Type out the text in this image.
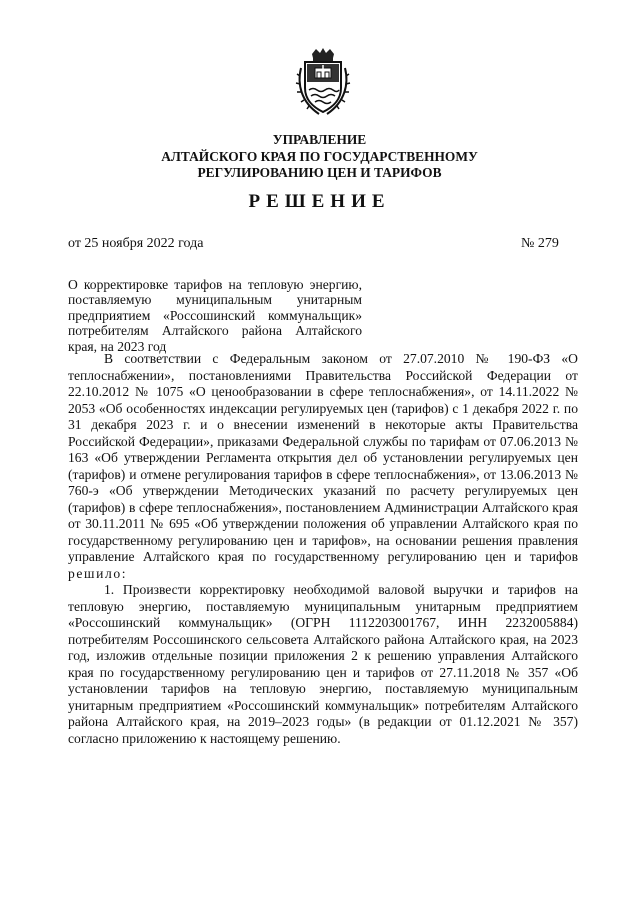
УПРАВЛЕНИЕ
АЛТАЙСКОГО КРАЯ ПО ГОСУДАРСТВЕННОМУ
РЕГУЛИРОВАНИЮ ЦЕН И ТАРИФОВ
РЕШЕНИЕ
от 25 ноября 2022 года	№ 279
О корректировке тарифов на тепловую энергию, поставляемую муниципальным унитарным предприятием «Россошинский коммунальщик» потребителям Алтайского района Алтайского края, на 2023 год

В соответствии с Федеральным законом от 27.07.2010 № 190-ФЗ «О теплоснабжении», постановлениями Правительства Российской Федерации от 22.10.2012 № 1075 «О ценообразовании в сфере теплоснабжения», от 14.11.2022 № 2053 «Об особенностях индексации регулируемых цен (тарифов) с 1 декабря 2022 г. по 31 декабря 2023 г. и о внесении изменений в некоторые акты Правительства Российской Федерации», приказами Федеральной службы по тарифам от 07.06.2013 № 163 «Об утверждении Регламента открытия дел об установлении регулируемых цен (тарифов) и отмене регулирования тарифов в сфере теплоснабжения», от 13.06.2013 № 760-э «Об утверждении Методических указаний по расчету регулируемых цен (тарифов) в сфере теплоснабжения», постановлением Администрации Алтайского края от 30.11.2011 № 695 «Об утверждении положения об управлении Алтайского края по государственному регулированию цен и тарифов», на основании решения правления управление Алтайского края по государственному регулированию цен и тарифов решило:

1. Произвести корректировку необходимой валовой выручки и тарифов на тепловую энергию, поставляемую муниципальным унитарным предприятием «Россошинский коммунальщик» (ОГРН 1112203001767, ИНН 2232005884) потребителям Россошинского сельсовета Алтайского района Алтайского края, на 2023 год, изложив отдельные позиции приложения 2 к решению управления Алтайского края по государственному регулированию цен и тарифов от 27.11.2018 № 357 «Об установлении тарифов на тепловую энергию, поставляемую муниципальным унитарным предприятием «Россошинский коммунальщик» потребителям Алтайского района Алтайского края, на 2019–2023 годы» (в редакции от 01.12.2021 № 357) согласно приложению к настоящему решению.
